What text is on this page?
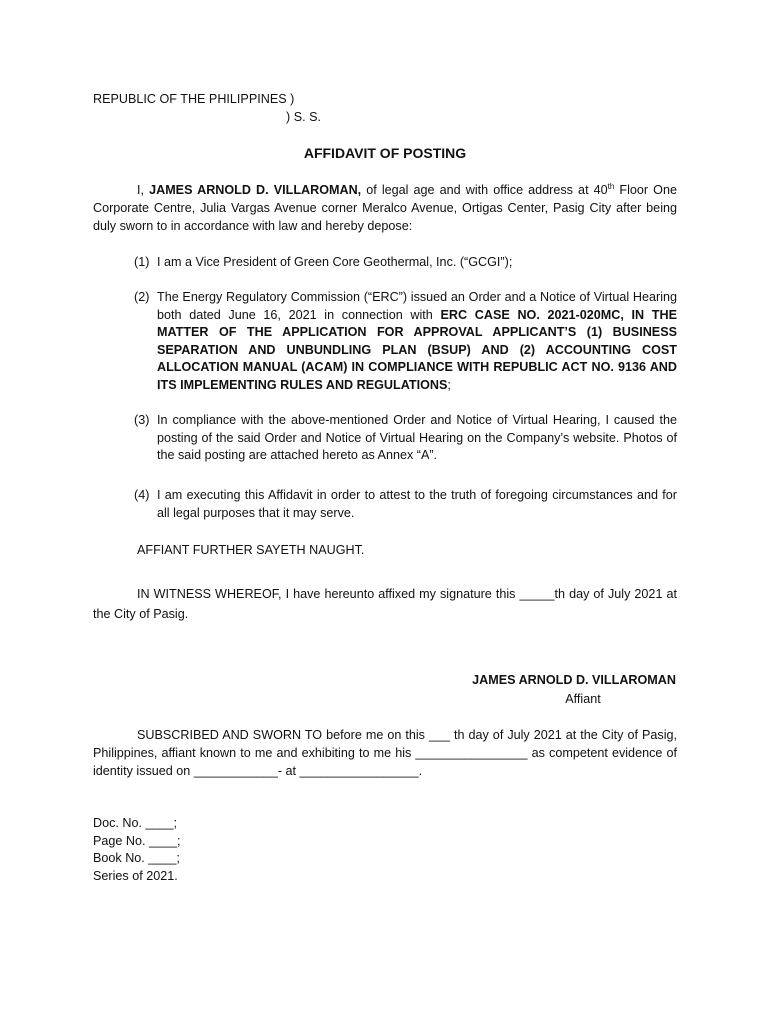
REPUBLIC OF THE PHILIPPINES )
) S. S.
AFFIDAVIT OF POSTING

I, JAMES ARNOLD D. VILLAROMAN, of legal age and with office address at 40th Floor One Corporate Centre, Julia Vargas Avenue corner Meralco Avenue, Ortigas Center, Pasig City after being duly sworn to in accordance with law and hereby depose:

(1) I am a Vice President of Green Core Geothermal, Inc. (“GCGI”);
(2) The Energy Regulatory Commission (“ERC”) issued an Order and a Notice of Virtual Hearing both dated June 16, 2021 in connection with ERC CASE NO. 2021-020MC, IN THE MATTER OF THE APPLICATION FOR APPROVAL APPLICANT’S (1) BUSINESS SEPARATION AND UNBUNDLING PLAN (BSUP) AND (2) ACCOUNTING COST ALLOCATION MANUAL (ACAM) IN COMPLIANCE WITH REPUBLIC ACT NO. 9136 AND ITS IMPLEMENTING RULES AND REGULATIONS;
(3) In compliance with the above-mentioned Order and Notice of Virtual Hearing, I caused the posting of the said Order and Notice of Virtual Hearing on the Company’s website. Photos of the said posting are attached hereto as Annex “A”.
(4) I am executing this Affidavit in order to attest to the truth of foregoing circumstances and for all legal purposes that it may serve.
AFFIANT FURTHER SAYETH NAUGHT.

IN WITNESS WHEREOF, I have hereunto affixed my signature this _____th day of July 2021 at the City of Pasig.

JAMES ARNOLD D. VILLAROMAN
Affiant

SUBSCRIBED AND SWORN TO before me on this ___ th day of July 2021 at the City of Pasig, Philippines, affiant known to me and exhibiting to me his ________________ as competent evidence of identity issued on ____________- at _________________.

Doc. No. ____;
Page No. ____;
Book No. ____;
Series of 2021.
